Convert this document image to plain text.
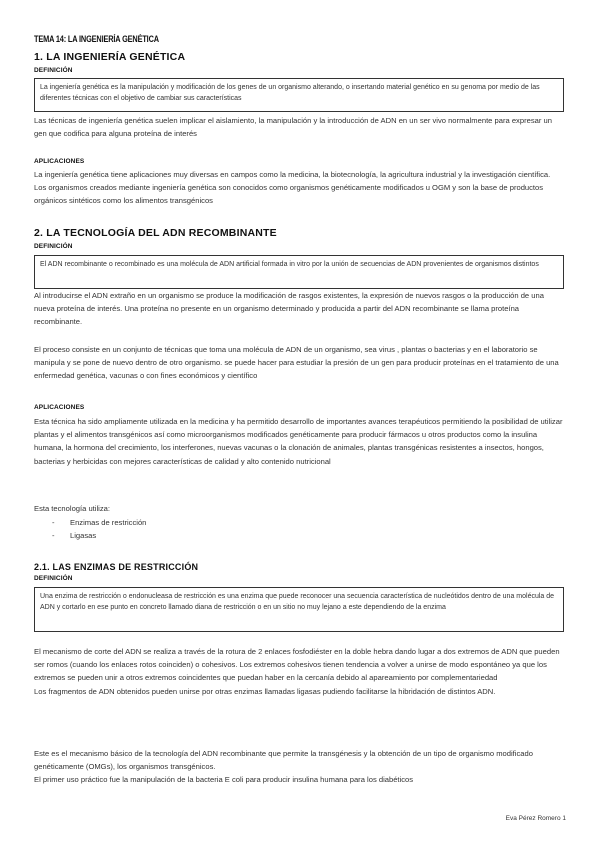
TEMA 14: LA INGENIERÍA GENÉTICA
1. LA INGENIERÍA GENÉTICA
DEFINICIÓN
La ingeniería genética es la manipulación y modificación de los genes de un organismo alterando, o insertando material genético en su genoma por medio de las diferentes técnicas con el objetivo de cambiar sus características
Las técnicas de ingeniería genética suelen implicar el aislamiento, la manipulación y la introducción de ADN en un ser vivo normalmente para expresar un gen que codifica para alguna proteína de interés
APLICACIONES
La ingeniería genética tiene aplicaciones muy diversas en campos como la medicina, la biotecnología, la agricultura industrial y la investigación científica. Los organismos creados mediante ingeniería genética son conocidos como organismos genéticamente modificados u OGM y son la base de productos orgánicos sintéticos como los alimentos transgénicos
2. LA TECNOLOGÍA DEL ADN RECOMBINANTE
DEFINICIÓN
El ADN recombinante o recombinado es una molécula de ADN artificial formada in vitro por la unión de secuencias de ADN provenientes de organismos distintos
Al introducirse el ADN extraño en un organismo se produce la modificación de rasgos existentes, la expresión de nuevos rasgos o la producción de una nueva proteína de interés. Una proteína no presente en un organismo determinado y producida a partir del ADN recombinante se llama proteína recombinante.
El proceso consiste en un conjunto de técnicas que toma una molécula de ADN de un organismo, sea virus , plantas o bacterias y en el laboratorio se manipula y se pone de nuevo dentro de otro organismo. se puede hacer para estudiar la presión de un gen para producir proteínas en el tratamiento de una enfermedad genética, vacunas o con fines económicos y científico
APLICACIONES
Esta técnica ha sido ampliamente utilizada en la medicina y ha permitido desarrollo de importantes avances terapéuticos permitiendo la posibilidad de utilizar plantas y el alimentos transgénicos así como microorganismos modificados genéticamente para producir fármacos u otros productos como la insulina humana, la hormona del crecimiento, los interferones, nuevas vacunas o la clonación de animales, plantas transgénicas resistentes a insectos, hongos, bacterias y herbicidas con mejores características de calidad y alto contenido nutricional
Esta tecnología utiliza:
- Enzimas de restricción
- Ligasas
2.1. LAS ENZIMAS DE RESTRICCIÓN
DEFINICIÓN
Una enzima de restricción o endonucleasa de restricción es una enzima que puede reconocer una secuencia característica de nucleótidos dentro de una molécula de ADN y cortarlo en ese punto en concreto llamado diana de restricción o en un sitio no muy lejano a este dependiendo de la enzima

El mecanismo de corte del ADN se realiza a través de la rotura de 2 enlaces fosfodiéster en la doble hebra dando lugar a dos extremos de ADN que pueden ser romos (cuando los enlaces rotos coinciden) o cohesivos. Los extremos cohesivos tienen tendencia a volver a unirse de modo espontáneo ya que los extremos se pueden unir a otros extremos coincidentes que puedan haber en la cercanía debido al apareamiento por complementariedad

Los fragmentos de ADN obtenidos pueden unirse por otras enzimas llamadas ligasas pudiendo facilitarse la hibridación de distintos ADN.

Este es el mecanismo básico de la tecnología del ADN recombinante que permite la transgénesis y la obtención de un tipo de organismo modificado genéticamente (OMGs), los organismos transgénicos.

El primer uso práctico fue la manipulación de la bacteria E coli para producir insulina humana para los diabéticos

Eva Pérez Romero 1
